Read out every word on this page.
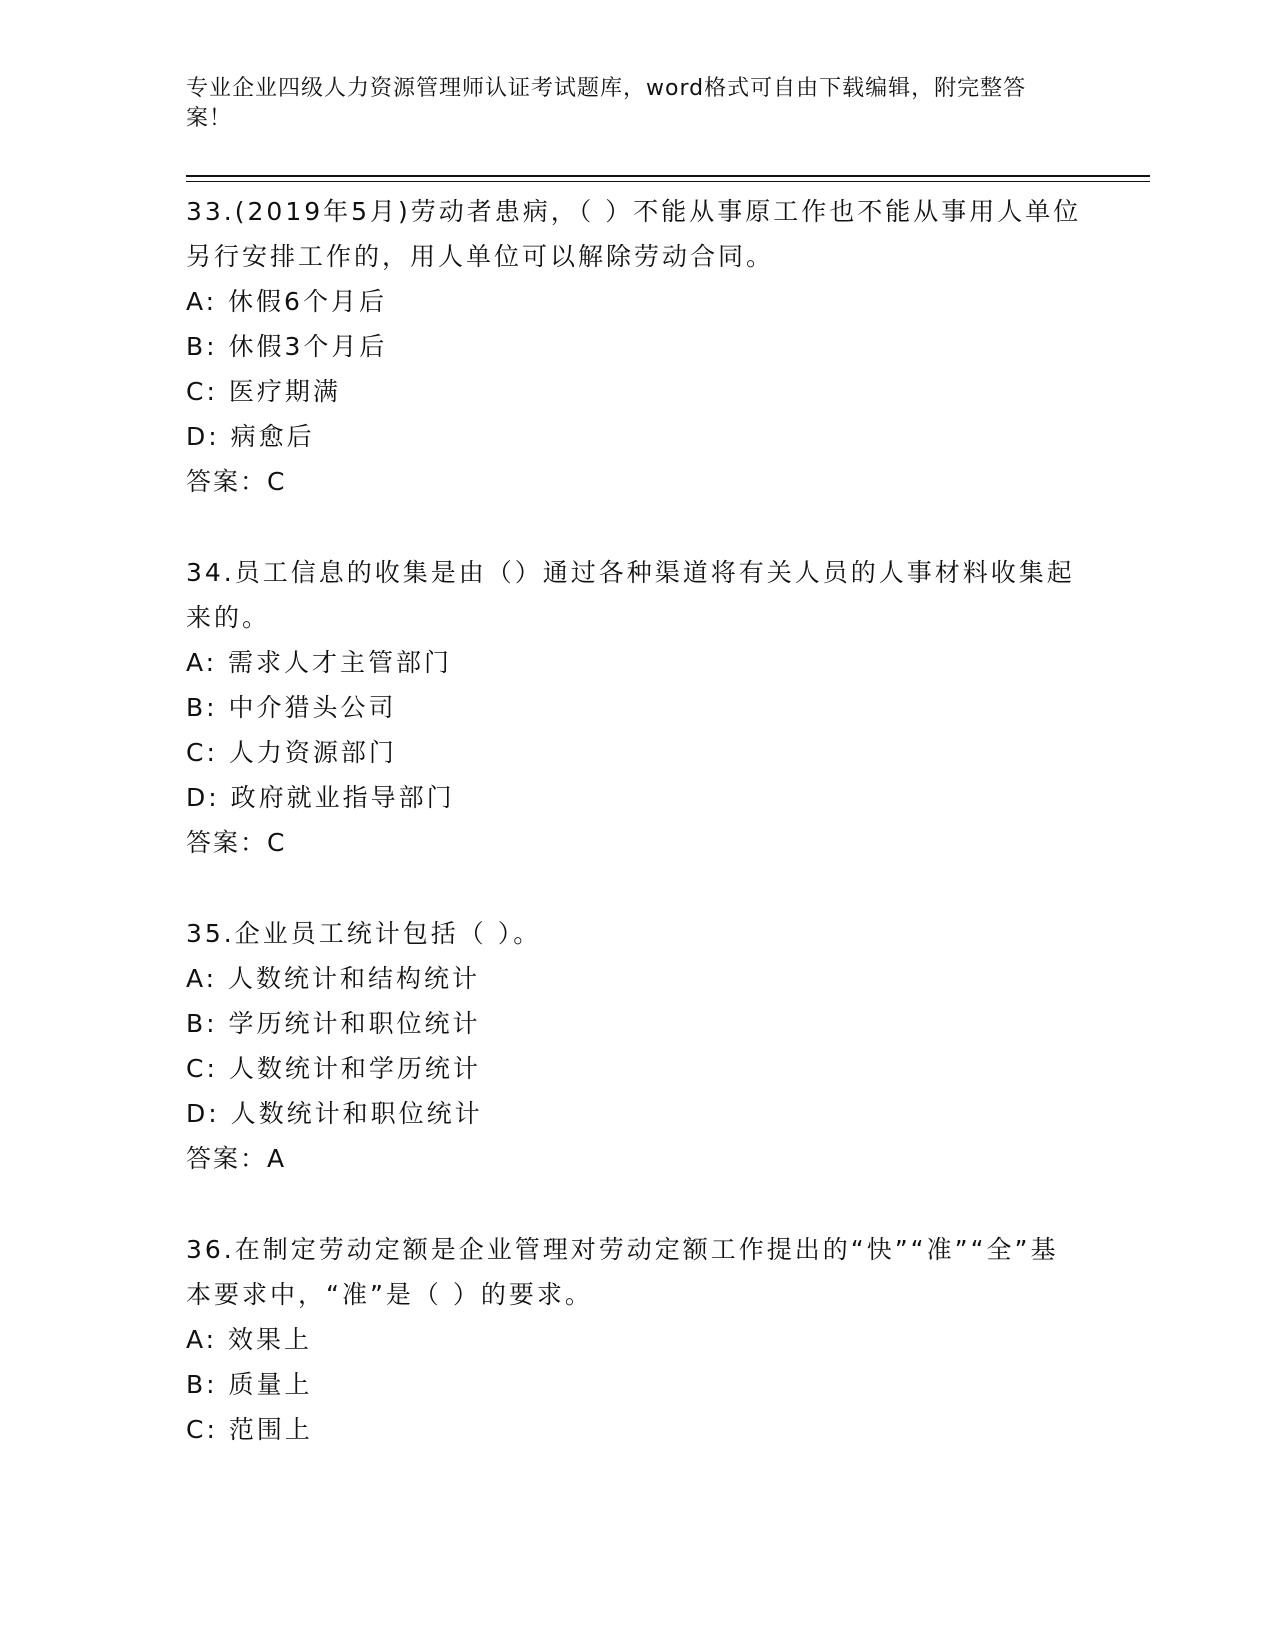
专业企业四级人力资源管理师认证考试题库，word格式可自由下载编辑，附完整答案！

33.(2019年5月)劳动者患病，（ ）不能从事原工作也不能从事用人单位另行安排工作的，用人单位可以解除劳动合同。

A: 休假6个月后

B: 休假3个月后

C: 医疗期满

D: 病愈后

答案：C

34.员工信息的收集是由（）通过各种渠道将有关人员的人事材料收集起来的。

A: 需求人才主管部门

B: 中介猎头公司

C: 人力资源部门

D: 政府就业指导部门

答案：C

35.企业员工统计包括（ ）。

A: 人数统计和结构统计

B: 学历统计和职位统计

C: 人数统计和学历统计

D: 人数统计和职位统计

答案：A

36.在制定劳动定额是企业管理对劳动定额工作提出的“快”“准”“全”基本要求中，“准”是（ ）的要求。

A: 效果上

B: 质量上

C: 范围上
